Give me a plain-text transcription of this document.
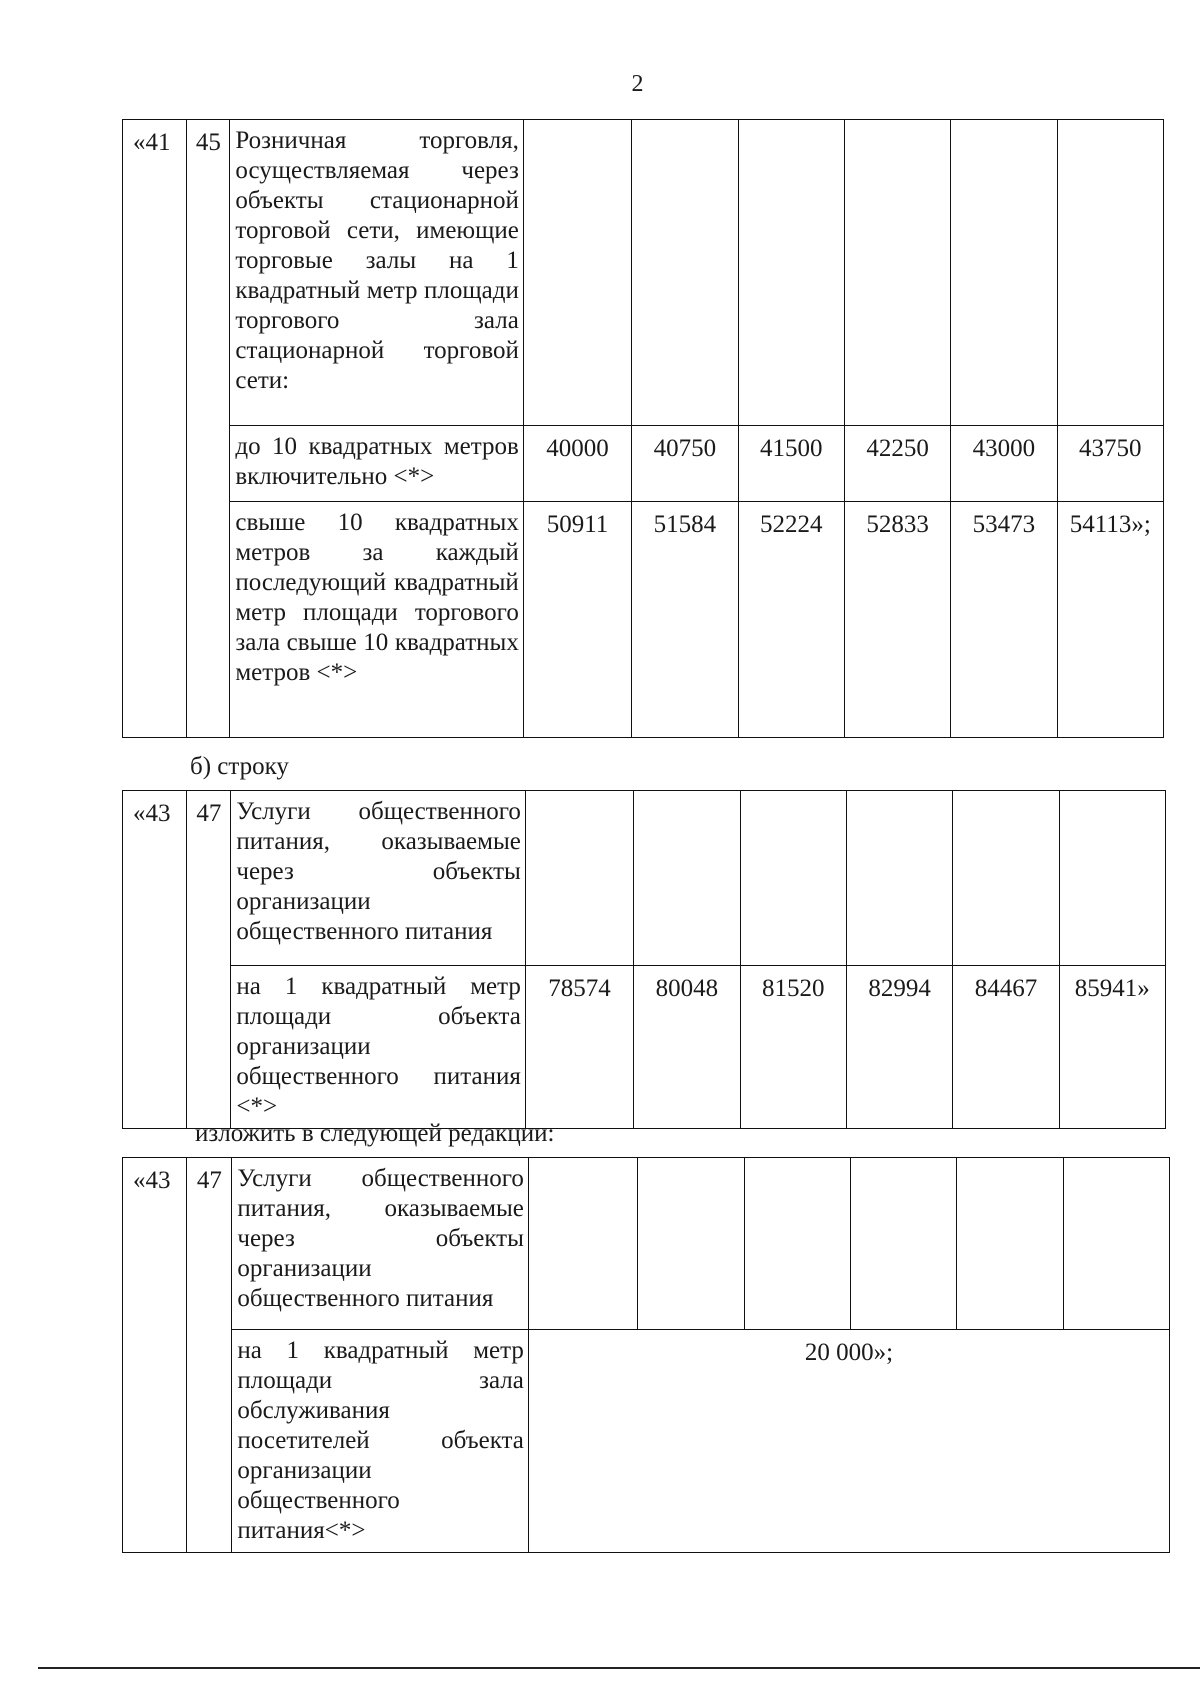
2
«41	45	Розничная торговля, осуществляемая через объекты стационарной торговой сети, имеющие торговые залы на 1 квадратный метр площади торгового зала стационарной торговой сети:						

		до 10 квадратных метров включительно <*>	40000	40750	41500	42250	43000	43750

		свыше 10 квадратных метров за каждый последующий квадратный метр площади торгового зала свыше 10 квадратных метров <*>	50911	51584	52224	52833	53473	54113»;
б) строку
«43	47	Услуги общественного питания, оказываемые через объекты организации общественного питания						

		на 1 квадратный метр площади объекта организации общественного питания <*>	78574	80048	81520	82994	84467	85941»
изложить в следующей редакции:
«43	47	Услуги общественного питания, оказываемые через объекты организации общественного питания						

		на 1 квадратный метр площади зала обслуживания посетителей объекта организации общественного питания<*>	20 000»;					
